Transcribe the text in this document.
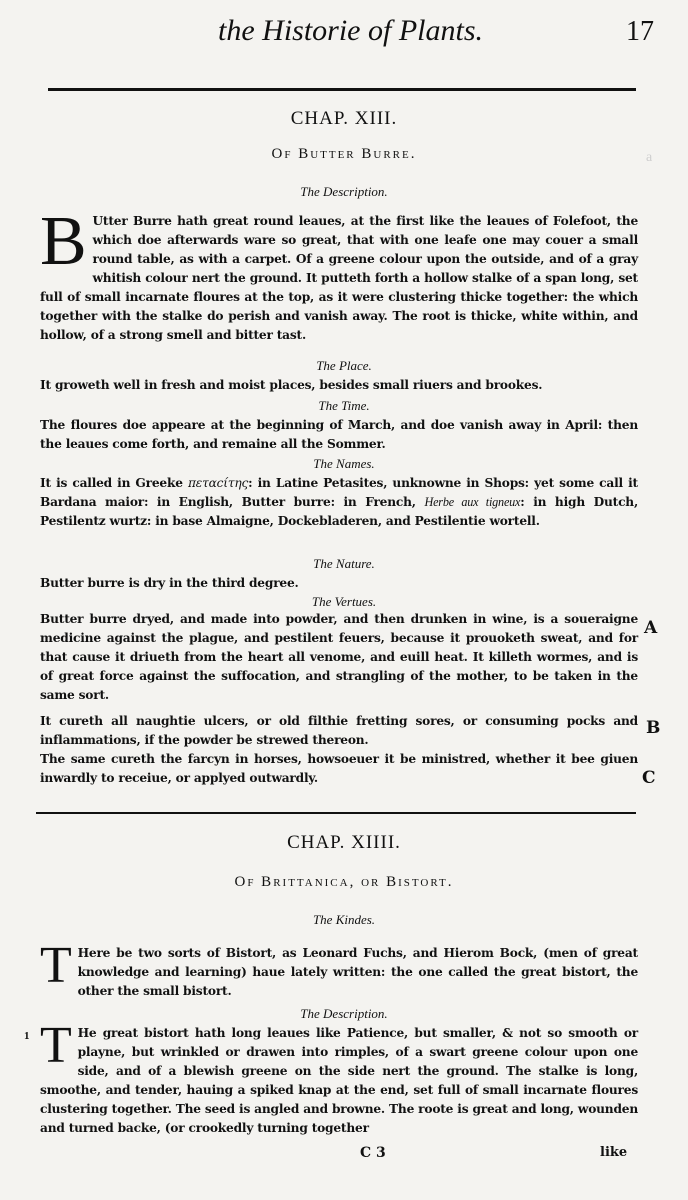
a
the Historie of Plants.	17
CHAP. XIII.
Of Butter Burre.
The Description.
B Utter Burre hath great round leaues, at the first like the leaues of Folefoot, the which doe afterwards ware so great, that with one leafe one may couer a small round table, as with a carpet. Of a greene colour upon the outside, and of a gray whitish colour nert the ground. It putteth forth a hollow stalke of a span long, set full of small incarnate floures at the top, as it were clustering thicke together: the which together with the stalke do perish and vanish away. The root is thicke, white within, and hollow, of a strong smell and bitter tast.
The Place.
It groweth well in fresh and moist places, besides small riuers and brookes.
The Time.
The floures doe appeare at the beginning of March, and doe vanish away in April: then the leaues come forth, and remaine all the Sommer.
The Names.
It is called in Greeke πεταcίτης: in Latine Petasites, unknowne in Shops: yet some call it Bardana maior: in English, Butter burre: in French, Herbe aux tigneux: in high Dutch, Pestilentz wurtz: in base Almaigne, Dockebladeren, and Pestilentie wortell.
The Nature.
Butter burre is dry in the third degree.
The Vertues.
Butter burre dryed, and made into powder, and then drunken in wine, is a soueraigne medicine against the plague, and pestilent feuers, because it prouoketh sweat, and for that cause it driueth from the heart all venome, and euill heat. It killeth wormes, and is of great force against the suffocation, and strangling of the mother, to be taken in the same sort.
It cureth all naughtie ulcers, or old filthie fretting sores, or consuming pocks and inflammations, if the powder be strewed thereon.
The same cureth the farcyn in horses, howsoeuer it be ministred, whether it bee giuen inwardly to receiue, or applyed outwardly.
A
B
C
CHAP. XIIII.
Of Brittanica, or Bistort.
The Kindes.
T Here be two sorts of Bistort, as Leonard Fuchs, and Hierom Bock, (men of great knowledge and learning) haue lately written: the one called the great bistort, the other the small bistort.
The Description.
1 T He great bistort hath long leaues like Patience, but smaller, & not so smooth or playne, but wrinkled or drawen into rimples, of a swart greene colour upon one side, and of a blewish greene on the side nert the ground. The stalke is long, smoothe, and tender, hauing a spiked knap at the end, set full of small incarnate floures clustering together. The seed is angled and browne. The roote is great and long, wounden and turned backe, (or crookedly turning together
C 3	like
